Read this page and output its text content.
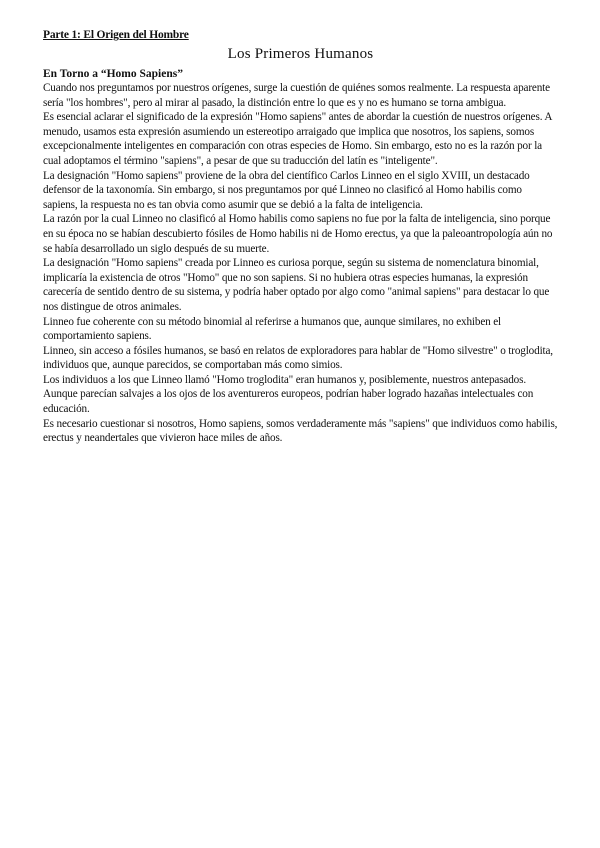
Parte 1: El Origen del Hombre

Los Primeros Humanos
En Torno a “Homo Sapiens”

Cuando nos preguntamos por nuestros orígenes, surge la cuestión de quiénes somos realmente. La respuesta aparente sería "los hombres", pero al mirar al pasado, la distinción entre lo que es y no es humano se torna ambigua.

Es esencial aclarar el significado de la expresión "Homo sapiens" antes de abordar la cuestión de nuestros orígenes. A menudo, usamos esta expresión asumiendo un estereotipo arraigado que implica que nosotros, los sapiens, somos excepcionalmente inteligentes en comparación con otras especies de Homo. Sin embargo, esto no es la razón por la cual adoptamos el término "sapiens", a pesar de que su traducción del latín es "inteligente".

La designación "Homo sapiens" proviene de la obra del científico Carlos Linneo en el siglo XVIII, un destacado defensor de la taxonomía. Sin embargo, si nos preguntamos por qué Linneo no clasificó al Homo habilis como sapiens, la respuesta no es tan obvia como asumir que se debió a la falta de inteligencia.

La razón por la cual Linneo no clasificó al Homo habilis como sapiens no fue por la falta de inteligencia, sino porque en su época no se habían descubierto fósiles de Homo habilis ni de Homo erectus, ya que la paleoantropología aún no se había desarrollado un siglo después de su muerte.

La designación "Homo sapiens" creada por Linneo es curiosa porque, según su sistema de nomenclatura binomial, implicaría la existencia de otros "Homo" que no son sapiens. Si no hubiera otras especies humanas, la expresión carecería de sentido dentro de su sistema, y podría haber optado por algo como "animal sapiens" para destacar lo que nos distingue de otros animales.

Linneo fue coherente con su método binomial al referirse a humanos que, aunque similares, no exhiben el comportamiento sapiens.

Linneo, sin acceso a fósiles humanos, se basó en relatos de exploradores para hablar de "Homo silvestre" o troglodita, individuos que, aunque parecidos, se comportaban más como simios.

Los individuos a los que Linneo llamó "Homo troglodita" eran humanos y, posiblemente, nuestros antepasados. Aunque parecían salvajes a los ojos de los aventureros europeos, podrían haber logrado hazañas intelectuales con educación.

Es necesario cuestionar si nosotros, Homo sapiens, somos verdaderamente más "sapiens" que individuos como habilis, erectus y neandertales que vivieron hace miles de años.
